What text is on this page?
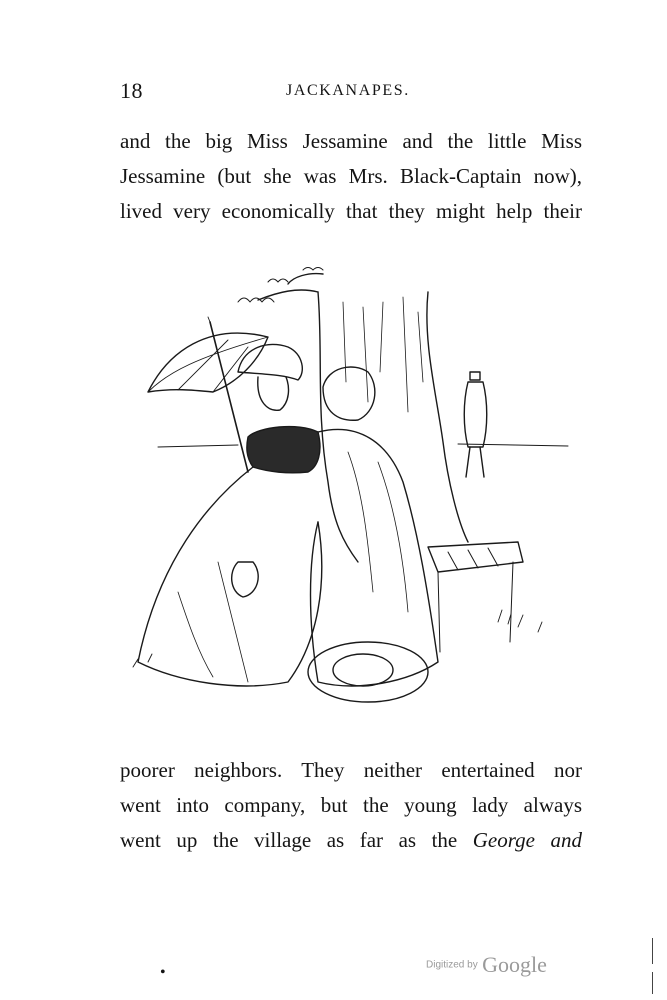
18	JACKANAPES.
and the big Miss Jessamine and the little Miss
Jessamine (but she was Mrs. Black-Captain now),
lived very economically that they might help their
poorer neighbors. They neither entertained nor
went into company, but the young lady always
went up the village as far as the George and
•	Digitized by Google
